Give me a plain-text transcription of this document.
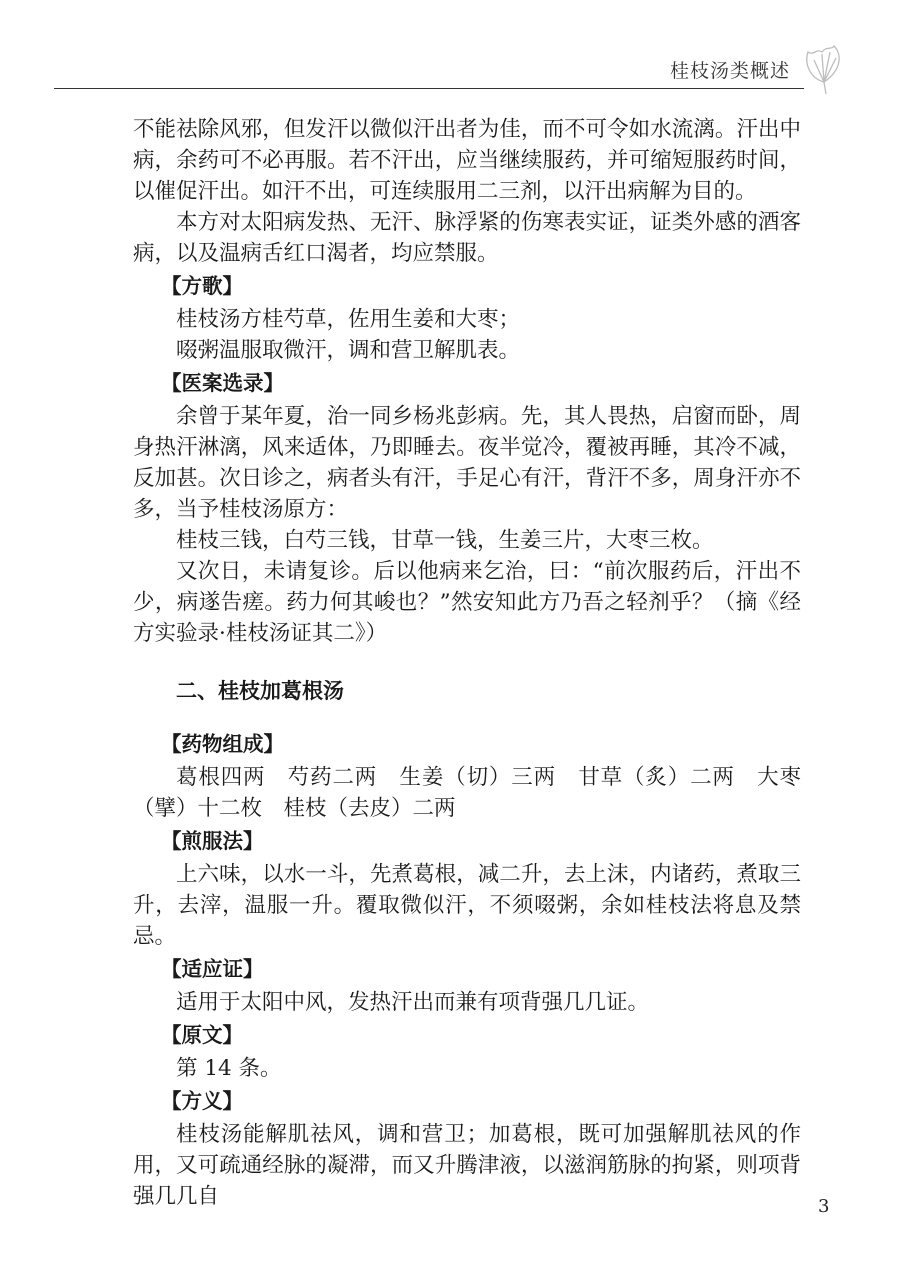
桂枝汤类概述

不能祛除风邪，但发汗以微似汗出者为佳，而不可令如水流漓。汗出中病，余药可不必再服。若不汗出，应当继续服药，并可缩短服药时间，以催促汗出。如汗不出，可连续服用二三剂，以汗出病解为目的。

本方对太阳病发热、无汗、脉浮紧的伤寒表实证，证类外感的酒客病，以及温病舌红口渴者，均应禁服。

【方歌】

桂枝汤方桂芍草，佐用生姜和大枣；

啜粥温服取微汗，调和营卫解肌表。

【医案选录】

余曾于某年夏，治一同乡杨兆彭病。先，其人畏热，启窗而卧，周身热汗淋漓，风来适体，乃即睡去。夜半觉冷，覆被再睡，其冷不减，反加甚。次日诊之，病者头有汗，手足心有汗，背汗不多，周身汗亦不多，当予桂枝汤原方：

桂枝三钱，白芍三钱，甘草一钱，生姜三片，大枣三枚。

又次日，未请复诊。后以他病来乞治，曰：“前次服药后，汗出不少，病遂告瘥。药力何其峻也？”然安知此方乃吾之轻剂乎？（摘《经方实验录·桂枝汤证其二》）

二、桂枝加葛根汤

【药物组成】

葛根四两　芍药二两　生姜（切）三两　甘草（炙）二两　大枣（擘）十二枚　桂枝（去皮）二两

【煎服法】

上六味，以水一斗，先煮葛根，减二升，去上沫，内诸药，煮取三升，去滓，温服一升。覆取微似汗，不须啜粥，余如桂枝法将息及禁忌。

【适应证】

适用于太阳中风，发热汗出而兼有项背强几几证。

【原文】

第 14 条。

【方义】

桂枝汤能解肌祛风，调和营卫；加葛根，既可加强解肌祛风的作用，又可疏通经脉的凝滞，而又升腾津液，以滋润筋脉的拘紧，则项背强几几自	3
